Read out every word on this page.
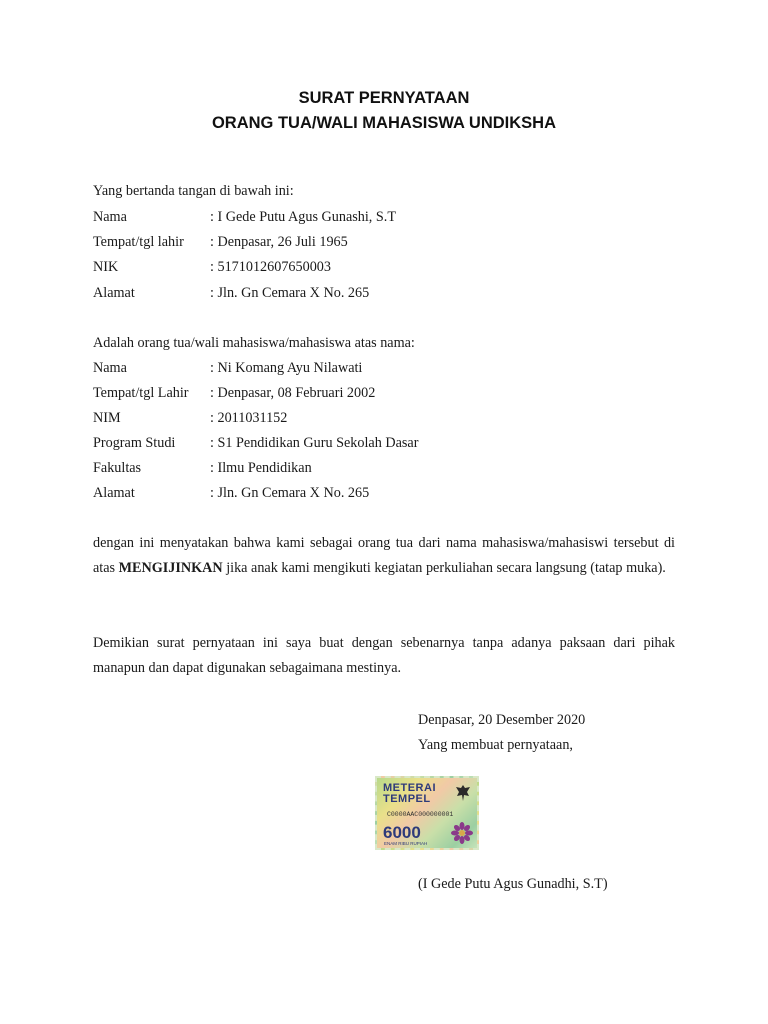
SURAT PERNYATAAN
ORANG TUA/WALI MAHASISWA UNDIKSHA
Yang bertanda tangan di bawah ini:
Nama	: I Gede Putu Agus Gunashi, S.T
Tempat/tgl lahir : Denpasar, 26 Juli 1965
NIK	: 5171012607650003
Alamat	: Jln. Gn Cemara X No. 265
Adalah orang tua/wali mahasiswa/mahasiswa atas nama:
Nama	: Ni Komang Ayu Nilawati
Tempat/tgl Lahir : Denpasar, 08 Februari 2002
NIM	: 2011031152
Program Studi : S1 Pendidikan Guru Sekolah Dasar
Fakultas	: Ilmu Pendidikan
Alamat	: Jln. Gn Cemara X No. 265
dengan ini menyatakan bahwa kami sebagai orang tua dari nama mahasiswa/mahasiswi tersebut di atas MENGIJINKAN jika anak kami mengikuti kegiatan perkuliahan secara langsung (tatap muka).
Demikian surat pernyataan ini saya buat dengan sebenarnya tanpa adanya paksaan dari pihak manapun dan dapat digunakan sebagaimana mestinya.
Denpasar, 20 Desember 2020
Yang membuat pernyataan,
METERAI
TEMPEL
C0000AAC000000001
6000
ENAM RIBU RUPIAH
(I Gede Putu Agus Gunadhi, S.T)
